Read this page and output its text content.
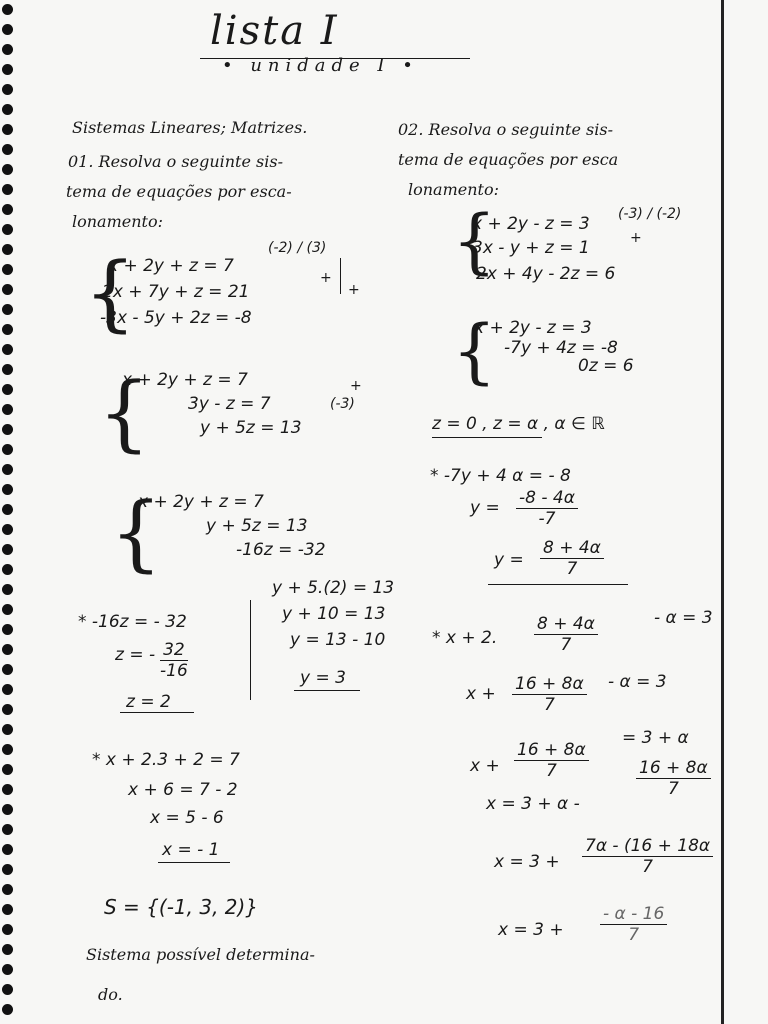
lista I
• unidade I •
Sistemas Lineares; Matrizes.
01. Resolva o seguinte sis-
tema de equações por esca-
lonamento:
02. Resolva o seguinte sis-
tema de equações por esca
lonamento:
{
x + 2y + z = 7
2x + 7y + z = 21
-3x - 5y + 2z = -8
(-2) / (3)
+
+
{
x + 2y + z = 7
3y - z = 7
y + 5z = 13
+
(-3)
{
x + 2y + z = 7
y + 5z = 13
-16z = -32
* -16z = - 32
z = - $\frac{32}{-16}$
z = 2
y + 5.(2) = 13
y + 10 = 13
y = 13 - 10
y = 3
* x + 2.3 + 2 = 7
x + 6 = 7 - 2
x = 5 - 6
x = - 1
S = {(-1, 3, 2)}
Sistema possível determina-
do.
{
x + 2y - z = 3
3x - y + z = 1
2x + 4y - 2z = 6
(-3) / (-2)
+
{
x + 2y - z = 3
-7y + 4z = -8
0z = 6
z = 0 , z = α , α ∈ ℝ
* -7y + 4 α = - 8
$y = \frac{-8 - 4\alpha}{-7}$
$y = \frac{8 + 4\alpha}{7}$
* x + 2. $\frac{8 + 4\alpha}{7}$	- α = 3
$x + \frac{16 + 8\alpha}{7} - \alpha = 3$
$x + \frac{16 + 8\alpha}{7}$
= 3 + α
x = 3 + α -
$\frac{16 + 8\alpha}{7}$
$x = 3 + \frac{7\alpha - (16 + 18\alpha}{7}$
$x = 3 + \frac{- \alpha - 16}{7}$
